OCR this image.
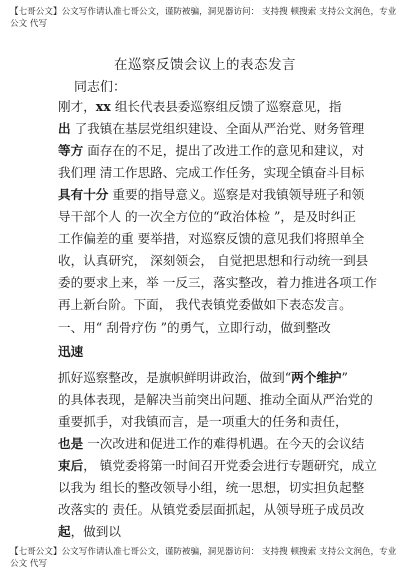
【七哥公文】公文写作请认准七哥公文，谨防被骗，洞见器访问： 支持搜 顿搜索 支持公文润色，专业公文 代写
在巡察反馈会议上的表态发言
同志们：
刚才，xx 组长代表县委巡察组反馈了巡察意见，指
出 了我镇在基层党组织建设、全面从严治党、财务管理
等方 面存在的不足，提出了改进工作的意见和建议，对
我们理 清工作思路、完成工作任务，实现全镇奋斗目标
具有十分 重要的指导意义。巡察是对我镇领导班子和领
导干部个人 的一次全方位的“政治体检 ”，是及时纠正
工作偏差的重 要举措，对巡察反馈的意见我们将照单全
收，认真研究， 深刻领会， 自觉把思想和行动统一到县
委的要求上来，举 一反三，落实整改，着力推进各项工作
再上新台阶。下面， 我代表镇党委做如下表态发言。
一、用“ 刮骨疗伤 ”的勇气，立即行动，做到整改
迅速
抓好巡察整改，是旗帜鲜明讲政治，做到“两个维护”
的具体表现，是解决当前突出问题、推动全面从严治党的
重要抓手，对我镇而言，是一项重大的任务和责任，
也是 一次改进和促进工作的难得机遇。在今天的会议结
束后， 镇党委将第一时间召开党委会进行专题研究，成立
以我为 组长的整改领导小组，统一思想，切实担负起整
改落实的 责任。从镇党委层面抓起，从领导班子成员改
起，做到以
【七哥公文】公文写作请认准七哥公文，谨防被骗，洞见器访问： 支持搜 顿搜索 支持公文润色，专业公文 代写
